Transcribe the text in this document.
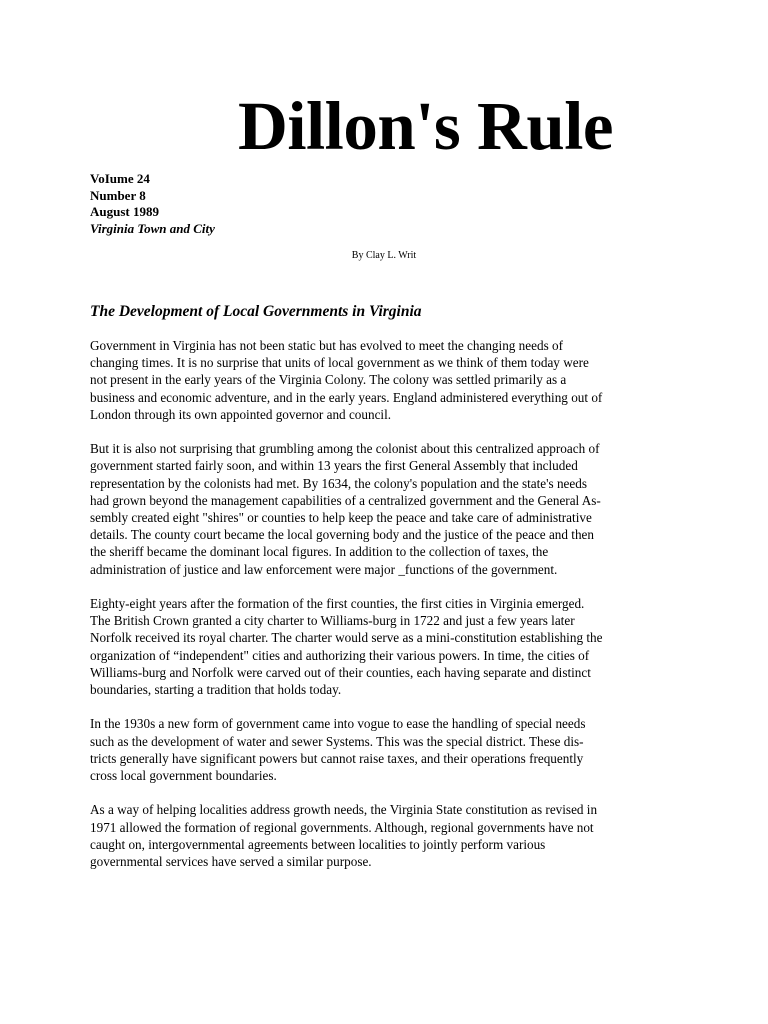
Dillon's Rule
VoIume 24
Number 8
August 1989
Virginia Town and City
By Clay L. Writ
The Development of Local Governments in Virginia

Government in Virginia has not been static but has evolved to meet the changing needs of
changing times. It is no surprise that units of local government as we think of them today were
not present in the early years of the Virginia Colony. The colony was settled primarily as a
business and economic adventure, and in the early years. England administered everything out of
London through its own appointed governor and council.

But it is also not surprising that grumbling among the colonist about this centralized approach of
government started fairly soon, and within 13 years the first General Assembly that included
representation by the colonists had met. By 1634, the colony's population and the state's needs
had grown beyond the management capabilities of a centralized government and the General As-
sembly created eight "shires" or counties to help keep the peace and take care of administrative
details. The county court became the local governing body and the justice of the peace and then
the sheriff became the dominant local figures. In addition to the collection of taxes, the
administration of justice and law enforcement were major _functions of the government.

Eighty-eight years after the formation of the first counties, the first cities in Virginia emerged.
The British Crown granted a city charter to Williams-burg in 1722 and just a few years later
Norfolk received its royal charter. The charter would serve as a mini-constitution establishing the
organization of “independent" cities and authorizing their various powers. In time, the cities of
Williams-burg and Norfolk were carved out of their counties, each having separate and distinct
boundaries, starting a tradition that holds today.

In the 1930s a new form of government came into vogue to ease the handling of special needs
such as the development of water and sewer Systems. This was the special district. These dis-
tricts generally have significant powers but cannot raise taxes, and their operations frequently
cross local government boundaries.

As a way of helping localities address growth needs, the Virginia State constitution as revised in
1971 allowed the formation of regional governments. Although, regional governments have not
caught on, intergovernmental agreements between localities to jointly perform various
governmental services have served a similar purpose.
